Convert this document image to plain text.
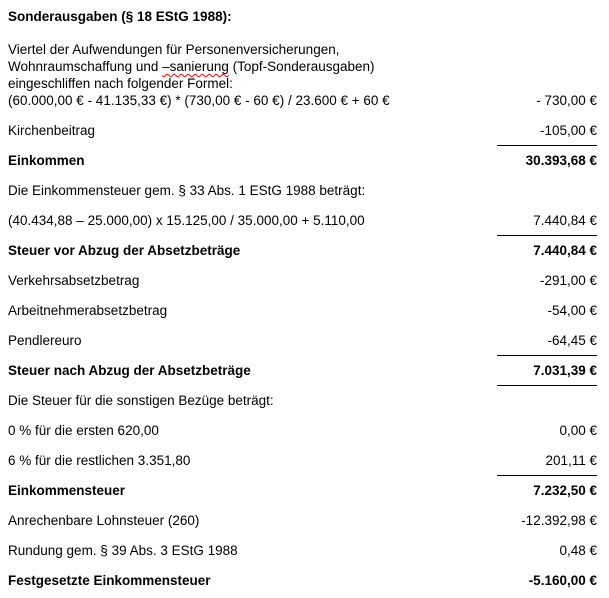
Sonderausgaben (§ 18 EStG 1988):
Viertel der Aufwendungen für Personenversicherungen,
Wohnraumschaffung und –sanierung (Topf-Sonderausgaben)
eingeschliffen nach folgender Formel:
(60.000,00 € - 41.135,33 €) * (730,00 € - 60 €) / 23.600 € + 60 €	- 730,00 €
Kirchenbeitrag	-105,00 €
Einkommen	30.393,68 €
Die Einkommensteuer gem. § 33 Abs. 1 EStG 1988 beträgt:
(40.434,88 – 25.000,00) x 15.125,00 / 35.000,00 + 5.110,00	7.440,84 €
Steuer vor Abzug der Absetzbeträge	7.440,84 €
Verkehrsabsetzbetrag	-291,00 €
Arbeitnehmerabsetzbetrag	-54,00 €
Pendlereuro	-64,45 €
Steuer nach Abzug der Absetzbeträge	7.031,39 €
Die Steuer für die sonstigen Bezüge beträgt:
0 % für die ersten 620,00	0,00 €
6 % für die restlichen 3.351,80	201,11 €
Einkommensteuer	7.232,50 €
Anrechenbare Lohnsteuer (260)	-12.392,98 €
Rundung gem. § 39 Abs. 3 EStG 1988	0,48 €
Festgesetzte Einkommensteuer	-5.160,00 €
